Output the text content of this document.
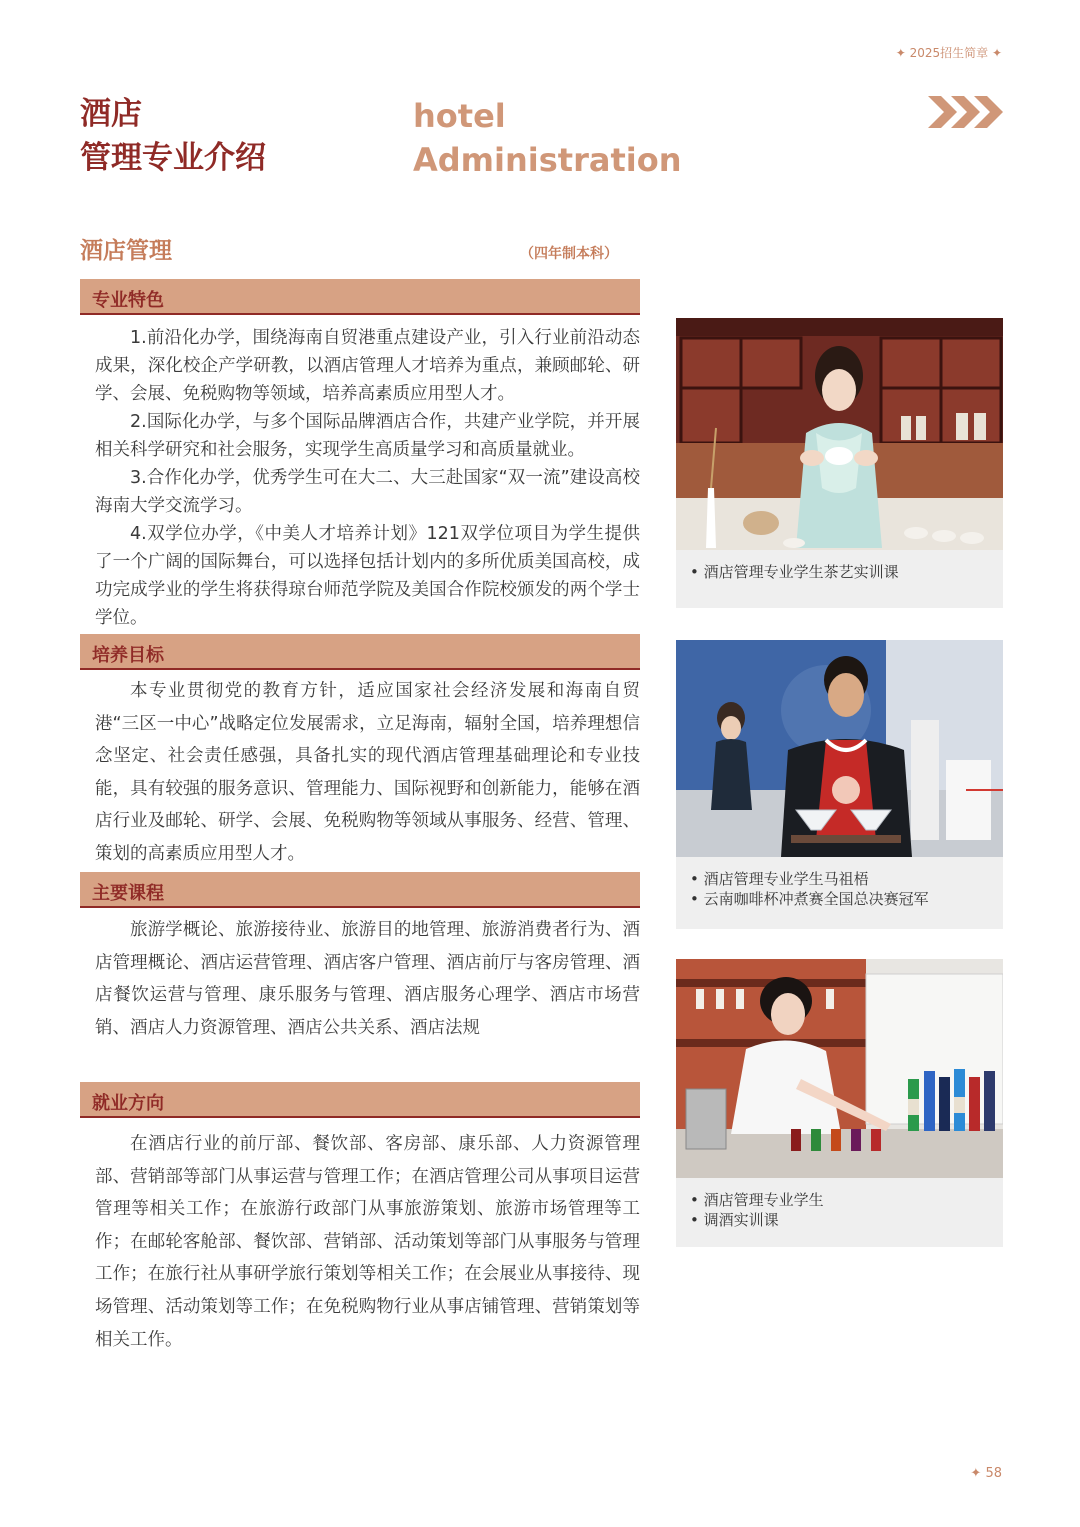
✦ 2025招生简章 ✦
酒店
管理专业介绍
hotel
Administration
酒店管理	（四年制本科）
专业特色

1.前沿化办学，围绕海南自贸港重点建设产业，引入行业前沿动态成果，深化校企产学研教，以酒店管理人才培养为重点，兼顾邮轮、研学、会展、免税购物等领域，培养高素质应用型人才。

2.国际化办学，与多个国际品牌酒店合作，共建产业学院，并开展相关科学研究和社会服务，实现学生高质量学习和高质量就业。

3.合作化办学，优秀学生可在大二、大三赴国家“双一流”建设高校海南大学交流学习。

4.双学位办学，《中美人才培养计划》121双学位项目为学生提供了一个广阔的国际舞台，可以选择包括计划内的多所优质美国高校，成功完成学业的学生将获得琼台师范学院及美国合作院校颁发的两个学士学位。

培养目标

本专业贯彻党的教育方针，适应国家社会经济发展和海南自贸港“三区一中心”战略定位发展需求，立足海南，辐射全国，培养理想信念坚定、社会责任感强，具备扎实的现代酒店管理基础理论和专业技能，具有较强的服务意识、管理能力、国际视野和创新能力，能够在酒店行业及邮轮、研学、会展、免税购物等领域从事服务、经营、管理、策划的高素质应用型人才。

主要课程

旅游学概论、旅游接待业、旅游目的地管理、旅游消费者行为、酒店管理概论、酒店运营管理、酒店客户管理、酒店前厅与客房管理、酒店餐饮运营与管理、康乐服务与管理、酒店服务心理学、酒店市场营销、酒店人力资源管理、酒店公共关系、酒店法规

就业方向

在酒店行业的前厅部、餐饮部、客房部、康乐部、人力资源管理部、营销部等部门从事运营与管理工作；在酒店管理公司从事项目运营管理等相关工作；在旅游行政部门从事旅游策划、旅游市场管理等工作；在邮轮客舱部、餐饮部、营销部、活动策划等部门从事服务与管理工作；在旅行社从事研学旅行策划等相关工作；在会展业从事接待、现场管理、活动策划等工作；在免税购物行业从事店铺管理、营销策划等相关工作。

• 酒店管理专业学生茶艺实训课
• 酒店管理专业学生马祖梧
• 云南咖啡杯冲煮赛全国总决赛冠军
• 酒店管理专业学生
• 调酒实训课
✦ 58
